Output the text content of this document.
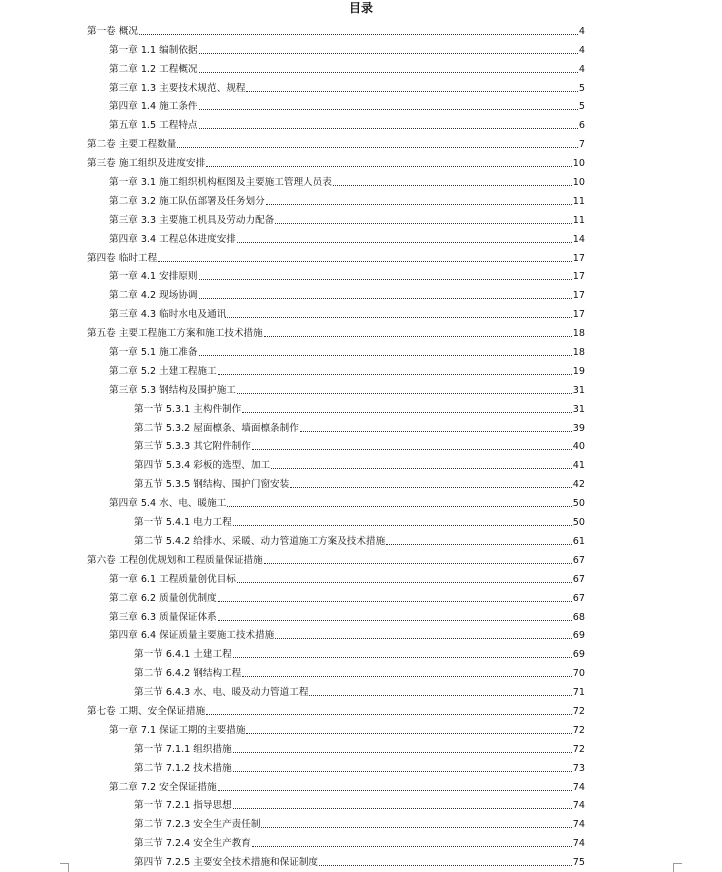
目录
第一卷 概况	4
第一章 1.1 编制依据	4
第二章 1.2 工程概况	4
第三章 1.3 主要技术规范、规程	5
第四章 1.4 施工条件	5
第五章 1.5 工程特点	6
第二卷 主要工程数量	7
第三卷 施工组织及进度安排	10
第一章 3.1 施工组织机构框图及主要施工管理人员表	10
第二章 3.2 施工队伍部署及任务划分	11
第三章 3.3 主要施工机具及劳动力配备	11
第四章 3.4 工程总体进度安排	14
第四卷 临时工程	17
第一章 4.1 安排原则	17
第二章 4.2 现场协调	17
第三章 4.3 临时水电及通讯	17
第五卷 主要工程施工方案和施工技术措施	18
第一章 5.1 施工准备	18
第二章 5.2 土建工程施工	19
第三章 5.3 钢结构及围护施工	31
第一节 5.3.1 主构件制作	31
第二节 5.3.2 屋面檩条、墙面檩条制作	39
第三节 5.3.3 其它附件制作	40
第四节 5.3.4 彩板的选型、加工	41
第五节 5.3.5 钢结构、围护门窗安装	42
第四章 5.4 水、电、暖施工	50
第一节 5.4.1 电力工程	50
第二节 5.4.2 给排水、采暖、动力管道施工方案及技术措施	61
第六卷 工程创优规划和工程质量保证措施	67
第一章 6.1 工程质量创优目标	67
第二章 6.2 质量创优制度	67
第三章 6.3 质量保证体系	68
第四章 6.4 保证质量主要施工技术措施	69
第一节 6.4.1 土建工程	69
第二节 6.4.2 钢结构工程	70
第三节 6.4.3 水、电、暖及动力管道工程	71
第七卷 工期、安全保证措施	72
第一章 7.1 保证工期的主要措施	72
第一节 7.1.1 组织措施	72
第二节 7.1.2 技术措施	73
第二章 7.2 安全保证措施	74
第一节 7.2.1 指导思想	74
第二节 7.2.3 安全生产责任制	74
第三节 7.2.4 安全生产教育	74
第四节 7.2.5 主要安全技术措施和保证制度	75
